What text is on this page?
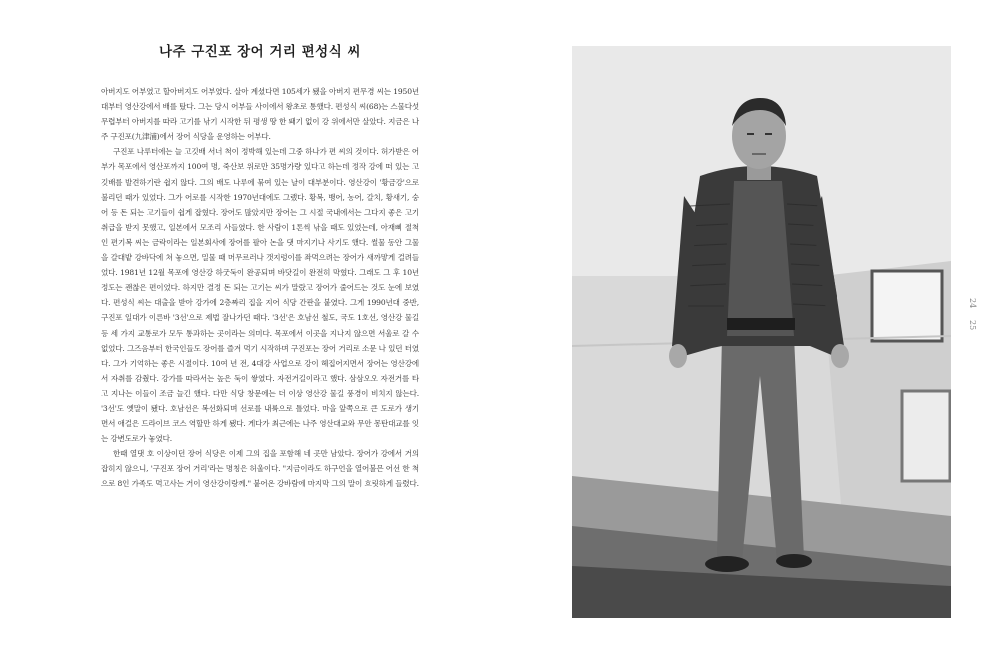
나주 구진포 장어 거리 편성식 씨

아버지도 어부였고 할아버지도 어부였다. 살아 계셨다면 105세가 됐을 아버지 편무경 씨는 1950년대부터 영산강에서 배를 탔다. 그는 당시 어부들 사이에서 왕초로 통했다. 편성식 씨(68)는 스물다섯 무렵부터 아버지를 따라 고기를 낚기 시작한 뒤 평생 땅 한 뙈기 없이 강 위에서만 살았다. 지금은 나주 구진포(九津浦)에서 장어 식당을 운영하는 어부다.

구진포 나루터에는 늘 고깃배 서너 척이 정박해 있는데 그중 하나가 편 씨의 것이다. 허가받은 어부가 목포에서 영산포까지 100여 명, 죽산보 위로만 35명가량 있다고 하는데 정작 강에 떠 있는 고깃배를 발견하기란 쉽지 않다. 그의 배도 나루에 묶여 있는 날이 대부분이다. 영산강이 '황금강'으로 불리던 때가 있었다. 그가 어로를 시작한 1970년대에도 그랬다. 황복, 뱅어, 농어, 갈치, 황새기, 숭어 등 돈 되는 고기들이 쉽게 잡혔다. 장어도 많았지만 장어는 그 시절 국내에서는 그다지 좋은 고기 취급을 받지 못했고, 일본에서 모조리 사들였다. 한 사람이 1톤씩 낚을 때도 있었는데, 아재삐 절척인 편기복 씨는 금락이라는 일본회사에 장어를 팔아 논을 댓 마지기나 사기도 했다. 썰물 동안 그물을 갈대밭 강바닥에 쳐 놓으면, 밀물 때 머무르러나 갯지렁이를 좌먹으려는 장어가 새까맣게 걸려들었다. 1981년 12월 목포에 영산강 하굿둑이 완공되며 바닷길이 완전히 막혔다. 그래도 그 후 10년 정도는 괜찮은 편이었다. 하지만 결정 돈 되는 고기는 씨가 말랐고 장어가 줄어드는 것도 눈에 보였다. 편성식 씨는 대출을 받아 강가에 2층짜리 집을 지어 식당 간판을 붙였다. 그게 1990년대 중반, 구진포 일대가 이른바 '3선'으로 제법 잘나가던 때다. '3선'은 호남선 철도, 국도 1호선, 영산강 물길 등 세 가지 교통로가 모두 통과하는 곳이라는 의미다. 목포에서 이곳을 지나지 않으면 서울로 갈 수 없었다. 그즈음부터 한국인들도 장어를 즐겨 먹기 시작하며 구진포는 장어 거리로 소문 나 있던 터였다. 그가 기억하는 좋은 시절이다. 10여 년 전, 4대강 사업으로 강이 헤집어지면서 장어는 영산강에서 자취를 감췄다. 강가를 따라서는 높은 둑이 쌓였다. 자전거길이라고 했다. 삼삼오오 자전거를 타고 지나는 이들이 조금 늘긴 했다. 다만 식당 창문에는 더 이상 영산강 물길 풍경이 비치지 않는다. '3선'도 옛말이 됐다. 호남선은 복선화되며 선로를 내륙으로 틀었다. 마을 앞쪽으로 큰 도로가 생기면서 애걸은 드라이브 코스 역할만 하게 됐다. 게다가 최근에는 나주 영산대교와 무안 몽탄대교를 잇는 강변도로가 놓였다.

한때 열댓 호 이상이던 장어 식당은 이제 그의 집을 포함해 네 곳만 남았다. 장어가 강에서 거의 잡히지 않으니, '구진포 장어 거리'라는 명칭은 허울이다. "지금이라도 하구언을 열어불믄 어선 한 척으로 8인 가족도 먹고사는 거이 영산강이랑께." 붙어온 강바람에 마지막 그의 말이 흐릿하게 들렸다.

24
25
